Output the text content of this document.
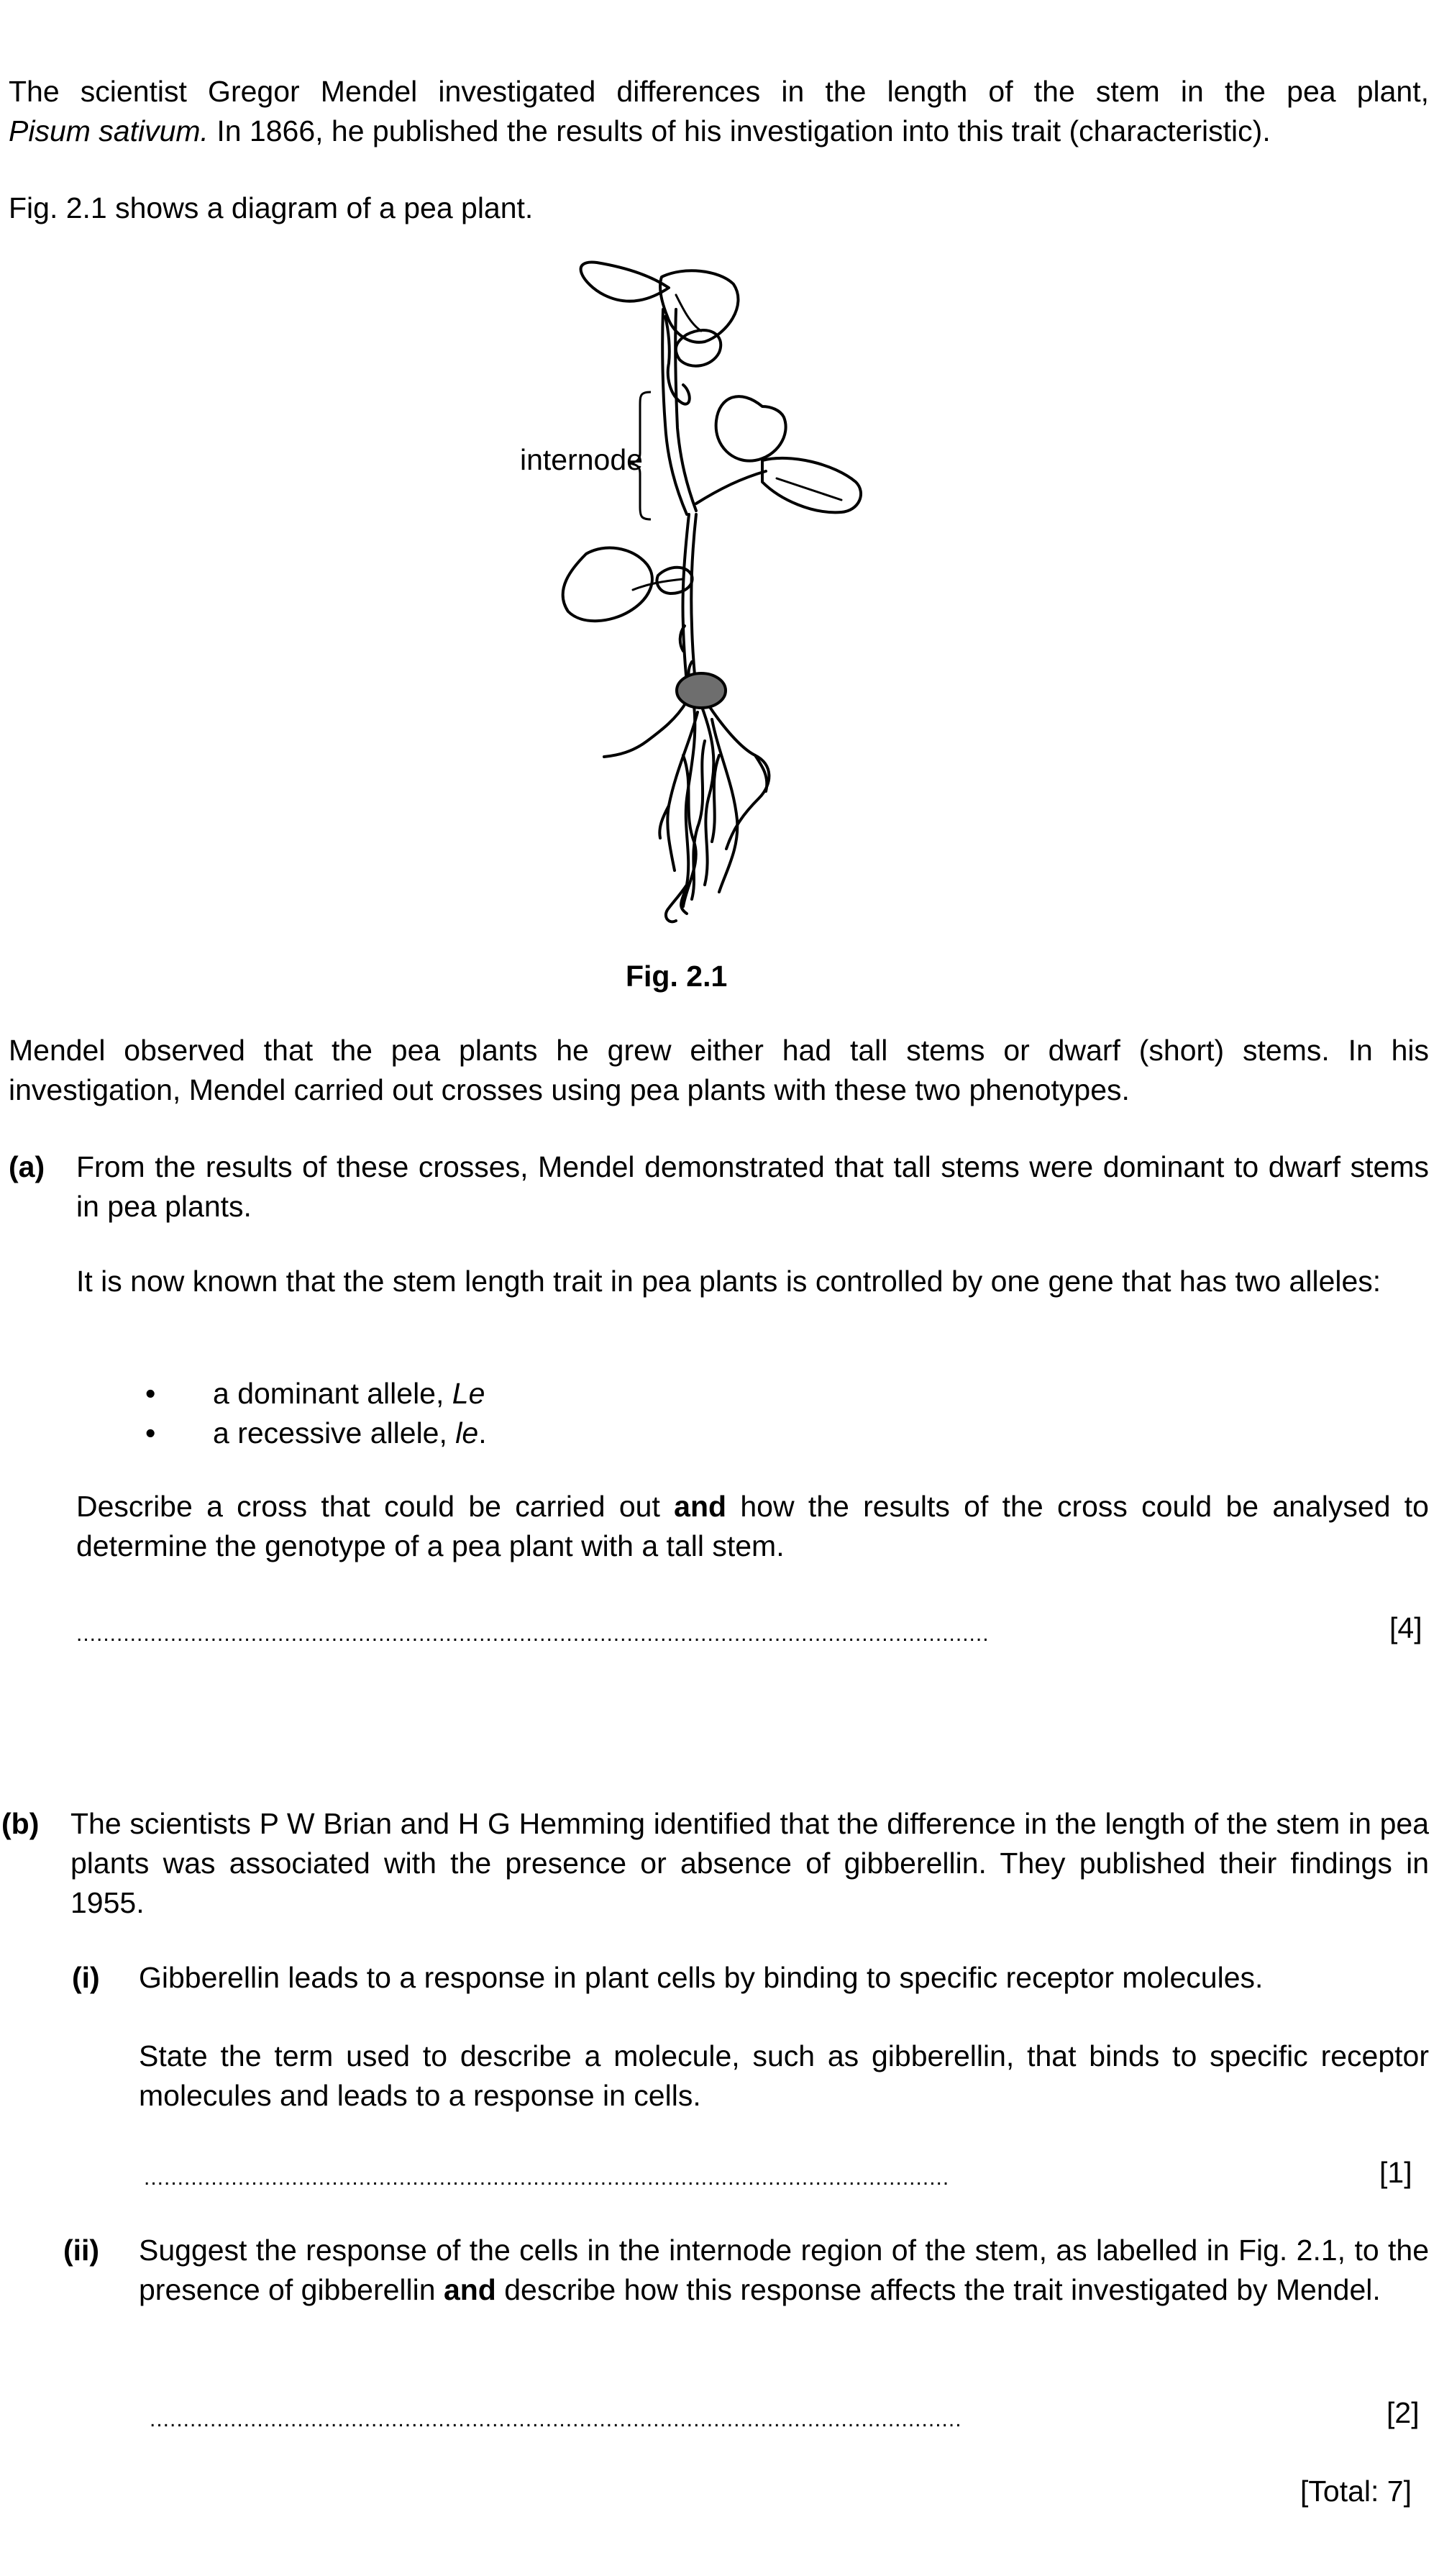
The scientist Gregor Mendel investigated differences in the length of the stem in the pea plant,
Pisum sativum. In 1866, he published the results of his investigation into this trait (characteristic).
Fig. 2.1 shows a diagram of a pea plant.
internode
Fig. 2.1
Mendel observed that the pea plants he grew either had tall stems or dwarf (short) stems. In his investigation, Mendel carried out crosses using pea plants with these two phenotypes.
(a) From the results of these crosses, Mendel demonstrated that tall stems were dominant to dwarf stems in pea plants.
It is now known that the stem length trait in pea plants is controlled by one gene that has two alleles:
• a dominant allele, Le
• a recessive allele, le.
Describe a cross that could be carried out and how the results of the cross could be analysed to determine the genotype of a pea plant with a tall stem.
........................................................................................................................................	[4]
(b) The scientists P W Brian and H G Hemming identified that the difference in the length of the stem in pea plants was associated with the presence or absence of gibberellin. They published their findings in 1955.
(i) Gibberellin leads to a response in plant cells by binding to specific receptor molecules.
State the term used to describe a molecule, such as gibberellin, that binds to specific receptor molecules and leads to a response in cells.
........................................................................................................................	[1]
(ii) Suggest the response of the cells in the internode region of the stem, as labelled in Fig. 2.1, to the presence of gibberellin and describe how this response affects the trait investigated by Mendel.
.........................................................................................................................	[2]
[Total: 7]
